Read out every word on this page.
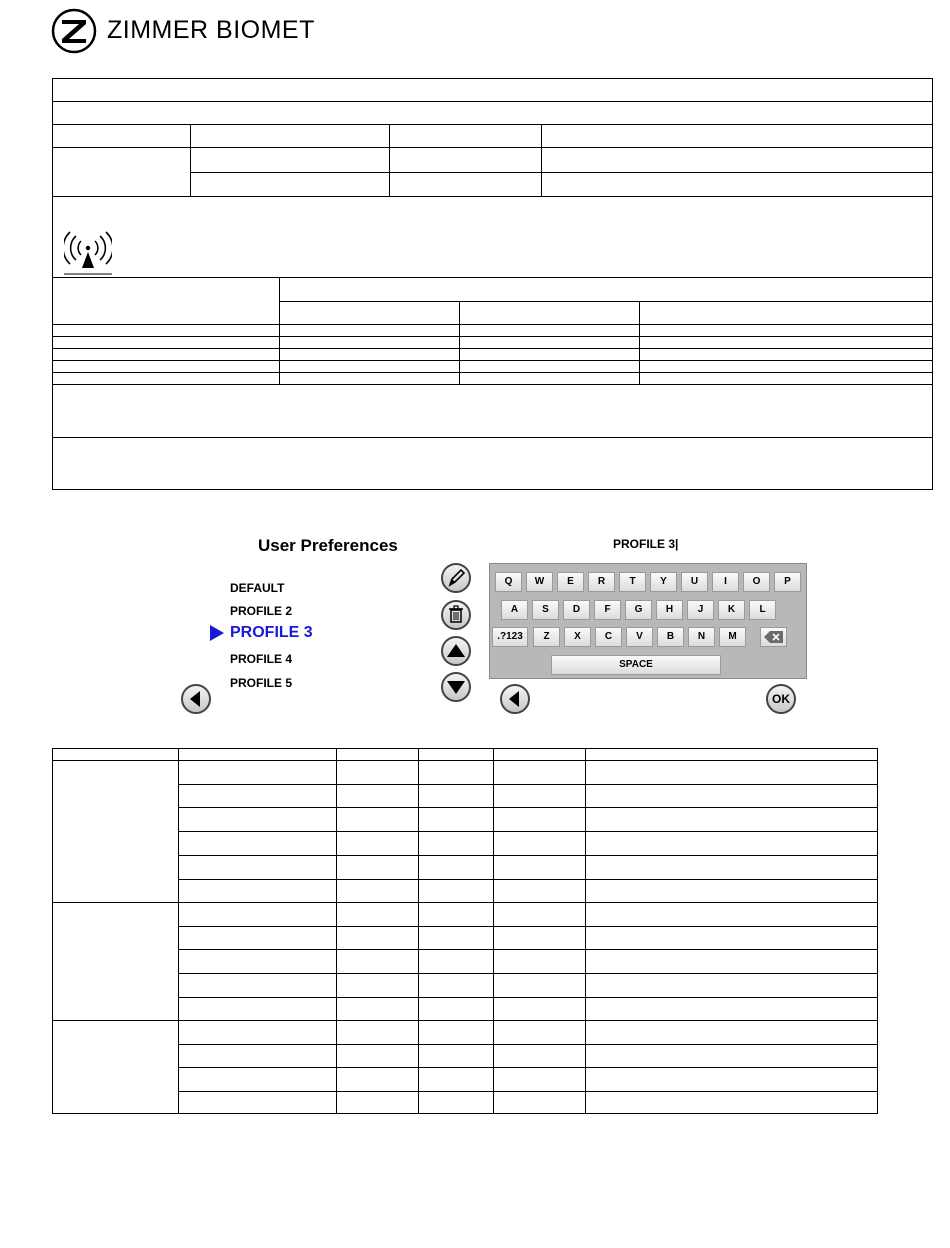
ZIMMER BIOMET
User Preferences
DEFAULT
PROFILE 2
PROFILE 3
PROFILE 4
PROFILE 5
PROFILE 3|
Q	W	E	R	T	Y	U	I	O	P
A	S	D	F	G	H	J	K	L
.?123	Z	X	C	V	B	N	M
SPACE
OK
